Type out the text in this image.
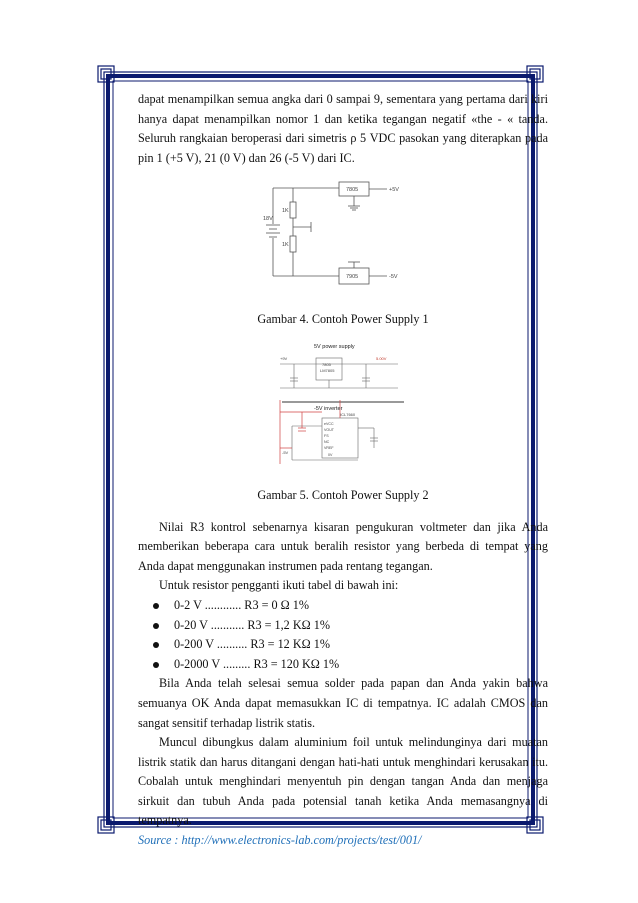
dapat menampilkan semua angka dari 0 sampai 9, sementara yang pertama dari kiri hanya dapat menampilkan nomor 1 dan ketika tegangan negatif «the - « tanda. Seluruh rangkaian beroperasi dari simetris ρ 5 VDC pasokan yang diterapkan pada pin 1 (+5 V), 21 (0 V) dan 26 (-5 V) dari IC.

7805
7905
+5V
-5V
1K
1K
18V

Gambar 4. Contoh Power Supply 1

5V power supply
7805
LM7805
+9V	5.00V
-5V inverter
ICL7660
eVCC
VOUT
FS
NC
VREF
0V
-5V

Gambar 5. Contoh Power Supply 2

Nilai R3 kontrol sebenarnya kisaran pengukuran voltmeter dan jika Anda memberikan beberapa cara untuk beralih resistor yang berbeda di tempat yang Anda dapat menggunakan instrumen pada rentang tegangan.

Untuk resistor pengganti ikuti tabel di bawah ini:

0-2 V ............ R3 = 0 Ω 1%
0-20 V ........... R3 = 1,2 KΩ 1%
0-200 V .......... R3 = 12 KΩ 1%
0-2000 V ......... R3 = 120 KΩ 1%

Bila Anda telah selesai semua solder pada papan dan Anda yakin bahwa semuanya OK Anda dapat memasukkan IC di tempatnya. IC adalah CMOS dan sangat sensitif terhadap listrik statis.

Muncul dibungkus dalam aluminium foil untuk melindunginya dari muatan listrik statik dan harus ditangani dengan hati-hati untuk menghindari kerusakan itu. Cobalah untuk menghindari menyentuh pin dengan tangan Anda dan menjaga sirkuit dan tubuh Anda pada potensial tanah ketika Anda memasangnya di tempatnya.

Source : http://www.electronics-lab.com/projects/test/001/
